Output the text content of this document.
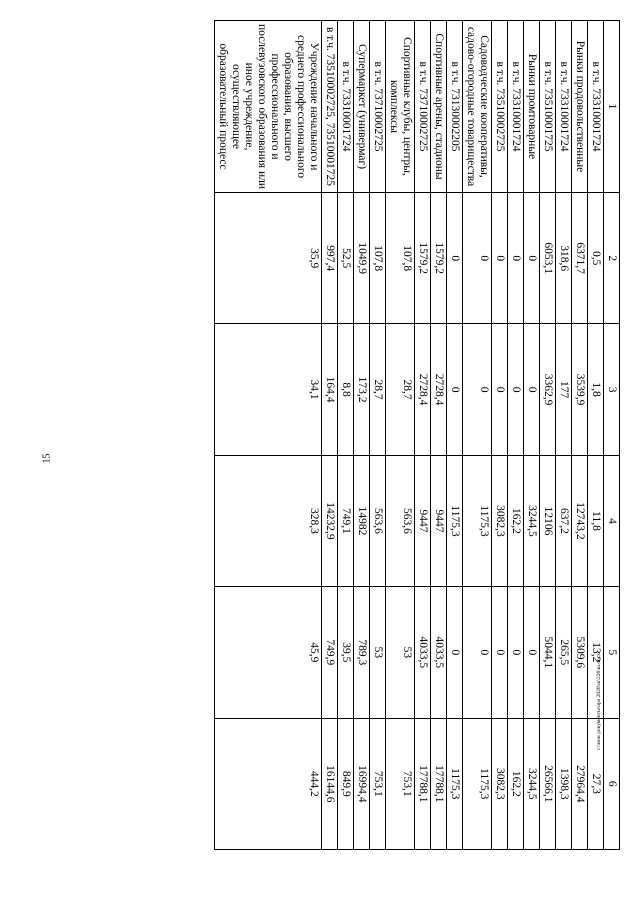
15
c:\мои документы\ора 2020\ш\226\ш.docx
1	2	3	4	5	6
в т.ч. 73310001724	0,5	1,8	11,8	13,2	27,3
Рынки продовольственные	6371,7	3539,9	12743,2	5309,6	27964,4
в т.ч. 73310001724	318,6	177	637,2	265,5	1398,3
в т.ч. 73510001725	6053,1	3362,9	12106	5044,1	26566,1
Рынки промтоварные	0	0	3244,5	0	3244,5
в т.ч. 73310001724	0	0	162,2	0	162,2
в т.ч. 73510002725	0	0	3082,3	0	3082,3
Садоводческие кооперативы, садово-огородные товарищества	0	0	1175,3	0	1175,3
в т.ч. 73130002205	0	0	1175,3	0	1175,3
Спортивные арены, стадионы	1579,2	2728,4	9447	4033,5	17788,1
в т.ч. 73710002725	1579,2	2728,4	9447	4033,5	17788,1
Спортивные клубы, центры, комплексы	107,8	28,7	563,6	53	753,1
в т.ч. 73710002725	107,8	28,7	563,6	53	753,1
Супермаркет (универмаг)	1049,9	173,2	14982	789,3	16994,4
в т.ч. 73310001724	52,5	8,8	749,1	39,5	849,9
в т.ч. 73510002725, 73510001725	997,4	164,4	14232,9	749,9	16144,6
Учреждение начального и среднего профессионального образования, высшего профессионального и послевузовского образования или иное учреждение, осуществляющее образовательный процесс	35,9	34,1	328,3	45,9	444,2
